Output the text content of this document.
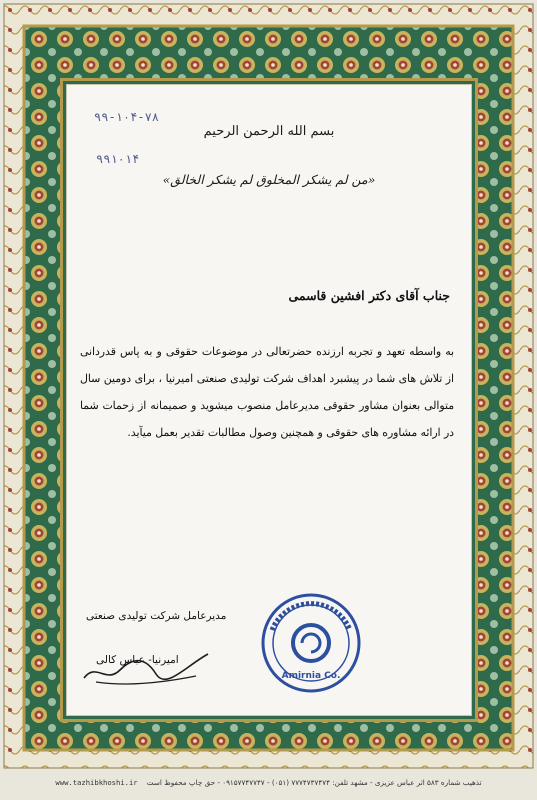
۹۹-۱۰۴-۷۸
۹۹۱۰۱۴
بسم الله الرحمن الرحیم
«من لم یشکر المخلوق لم یشکر الخالق»
جناب آقای دکتر افشین قاسمی
به واسطه تعهد و تجربه ارزنده حضرتعالی در موضوعات حقوقی و به پاس قدردانی از تلاش های شما در پیشبرد اهداف شرکت تولیدی صنعتی امیرنیا ، برای دومین سال متوالی بعنوان مشاور حقوقی مدیرعامل منصوب میشوید و صمیمانه از زحمات شما در ارائه مشاوره های حقوقی و همچنین وصول مطالبات تقدیر بعمل میآید.
مدیرعامل شرکت تولیدی صنعتی
امیرنیا- عباس کالی
Amirnia Co.
تذهیب شماره ۵۸۳ اثر عباس عزیزی - مشهد تلفن: ۷۷۷۴۷۳۷۴۷۴ (۰۵۱) - ۰۹۱۵۷۷۴۷۷۴۷ - حق چاپ محفوظ است    www.tazhibkhoshi.ir
